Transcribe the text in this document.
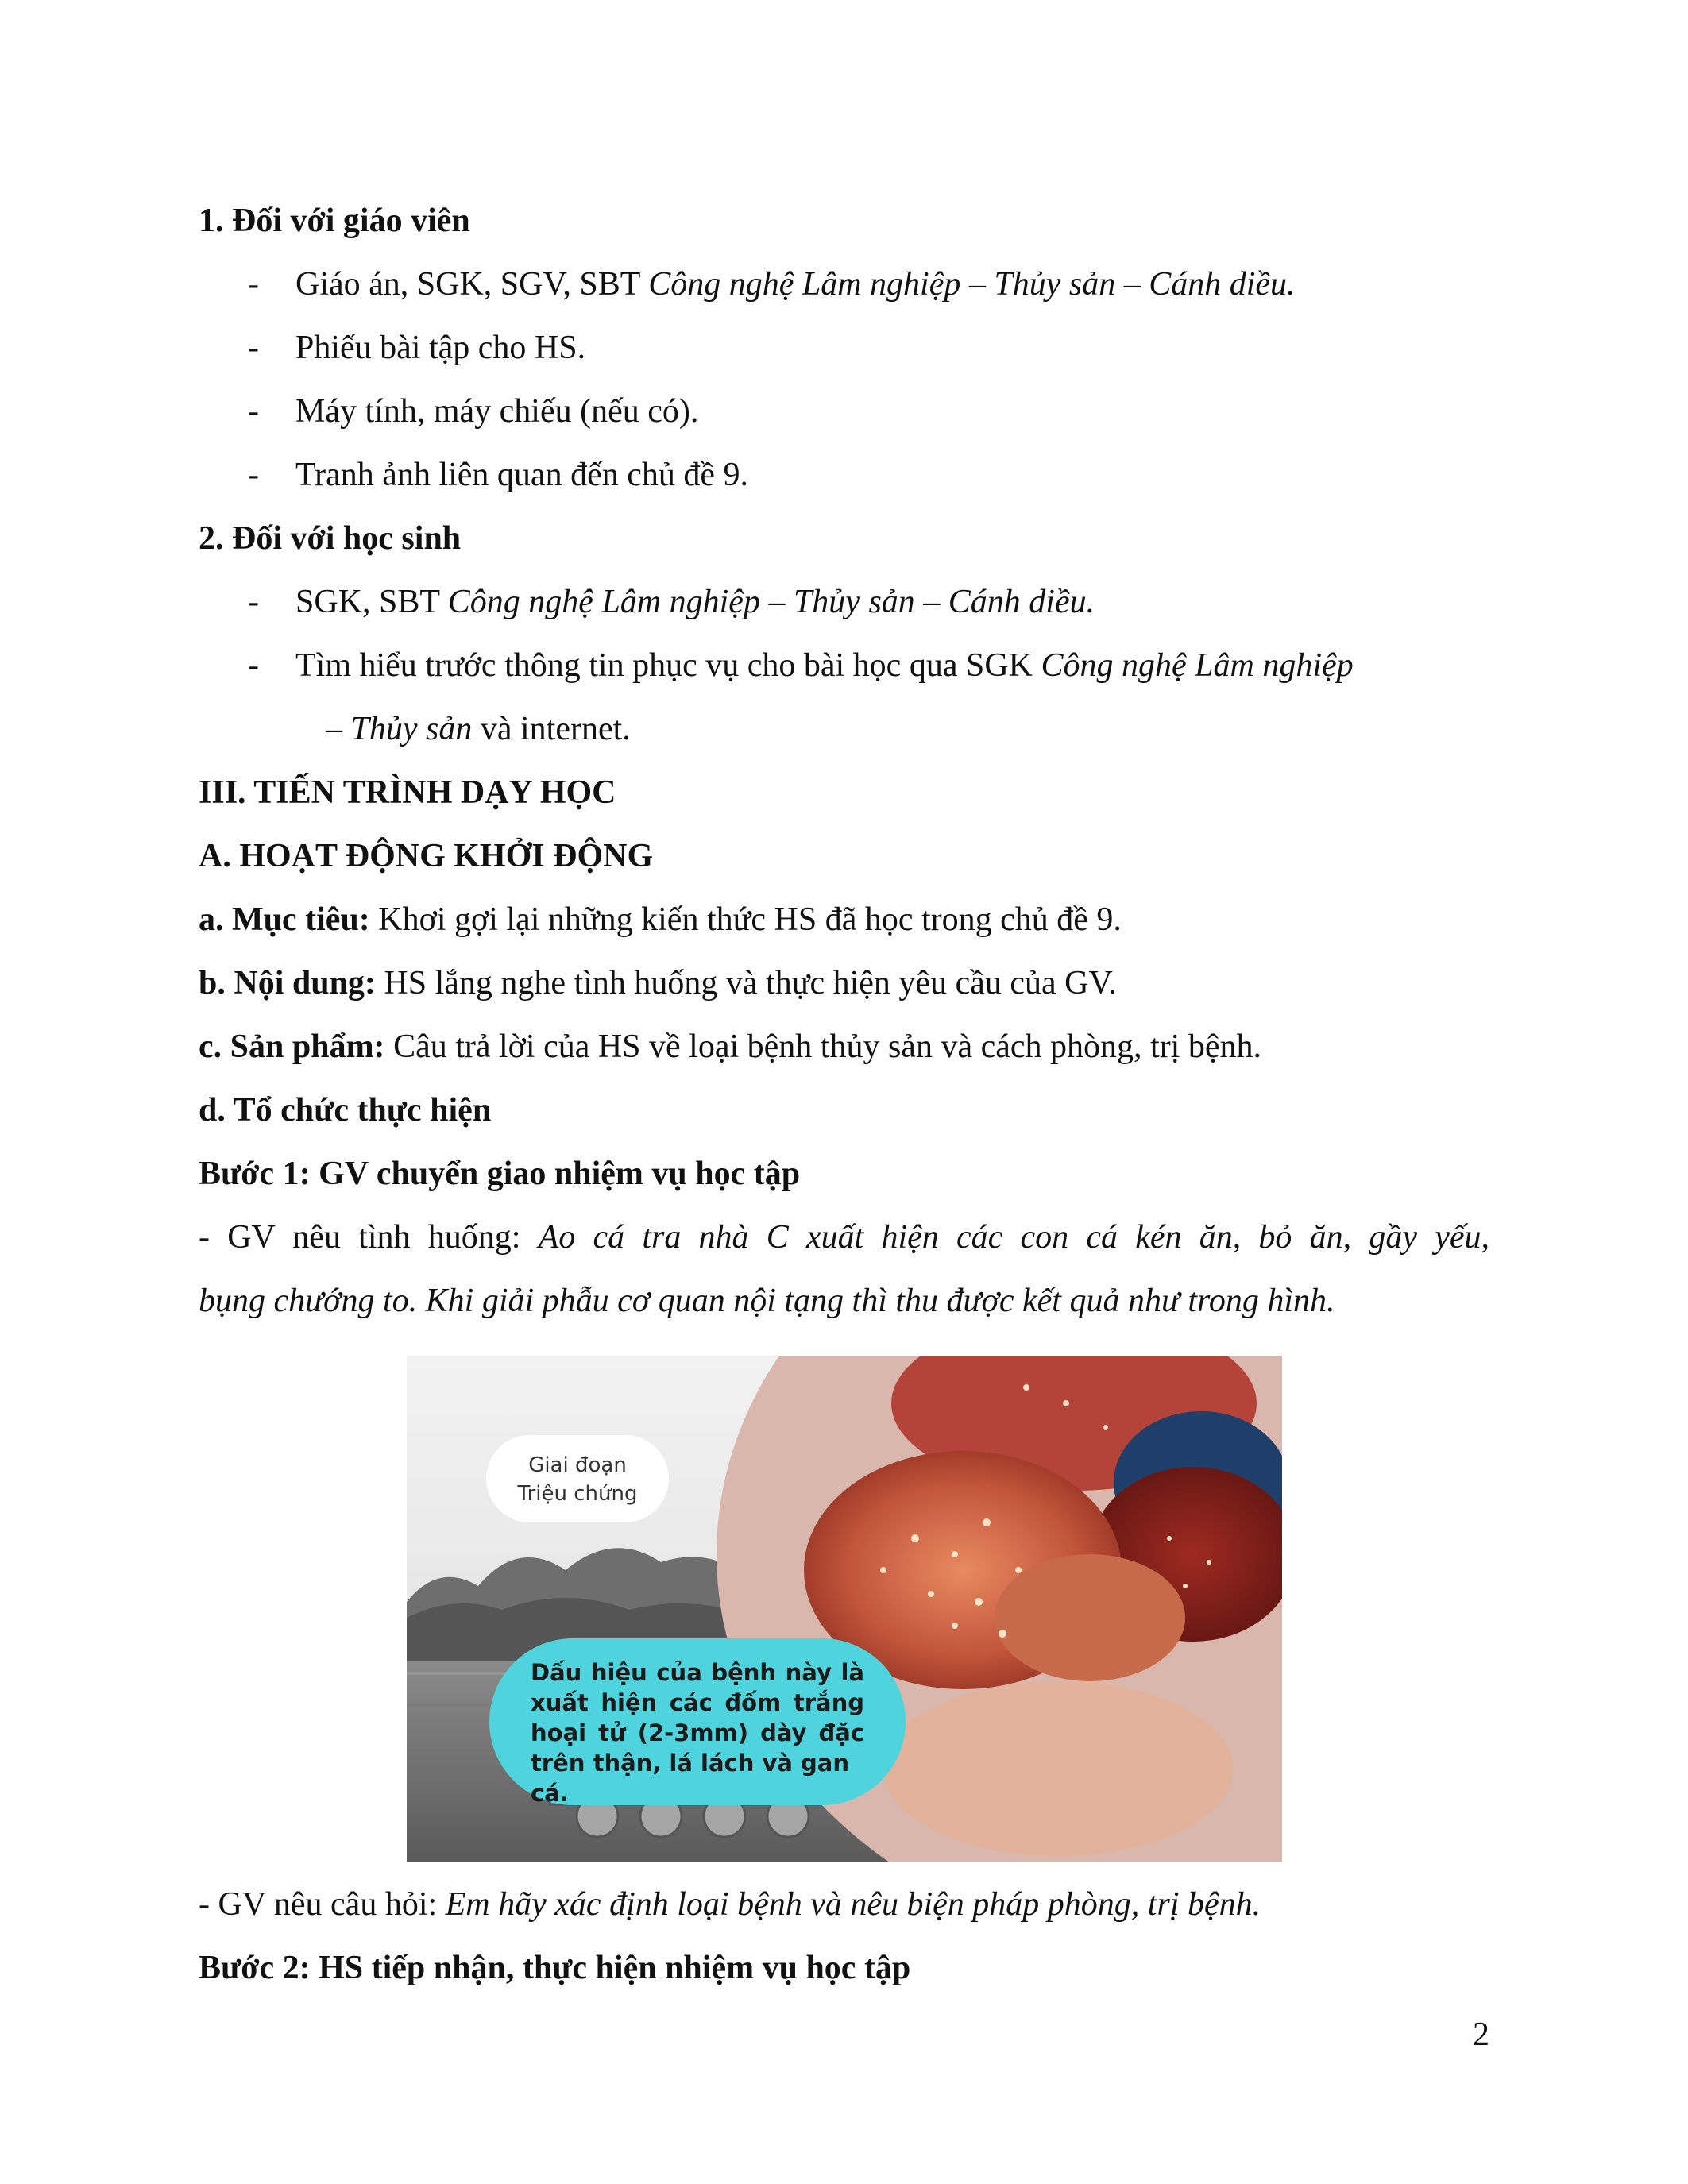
1. Đối với giáo viên
- Giáo án, SGK, SGV, SBT Công nghệ Lâm nghiệp – Thủy sản – Cánh diều.
- Phiếu bài tập cho HS.
- Máy tính, máy chiếu (nếu có).
- Tranh ảnh liên quan đến chủ đề 9.
2. Đối với học sinh
- SGK, SBT Công nghệ Lâm nghiệp – Thủy sản – Cánh diều.
- Tìm hiểu trước thông tin phục vụ cho bài học qua SGK Công nghệ Lâm nghiệp
– Thủy sản và internet.
III. TIẾN TRÌNH DẠY HỌC
A. HOẠT ĐỘNG KHỞI ĐỘNG
a. Mục tiêu: Khơi gợi lại những kiến thức HS đã học trong chủ đề 9.
b. Nội dung: HS lắng nghe tình huống và thực hiện yêu cầu của GV.
c. Sản phẩm: Câu trả lời của HS về loại bệnh thủy sản và cách phòng, trị bệnh.
d. Tổ chức thực hiện
Bước 1: GV chuyển giao nhiệm vụ học tập
- GV nêu tình huống: Ao cá tra nhà C xuất hiện các con cá kén ăn, bỏ ăn, gầy yếu,
bụng chướng to. Khi giải phẫu cơ quan nội tạng thì thu được kết quả như trong hình.
Giai đoạn
Triệu chứng
Dấu hiệu của bệnh này là
xuất hiện các đốm trắng
hoại tử (2-3mm) dày đặc
trên thận, lá lách và gan cá.
- GV nêu câu hỏi: Em hãy xác định loại bệnh và nêu biện pháp phòng, trị bệnh.
Bước 2: HS tiếp nhận, thực hiện nhiệm vụ học tập
2
